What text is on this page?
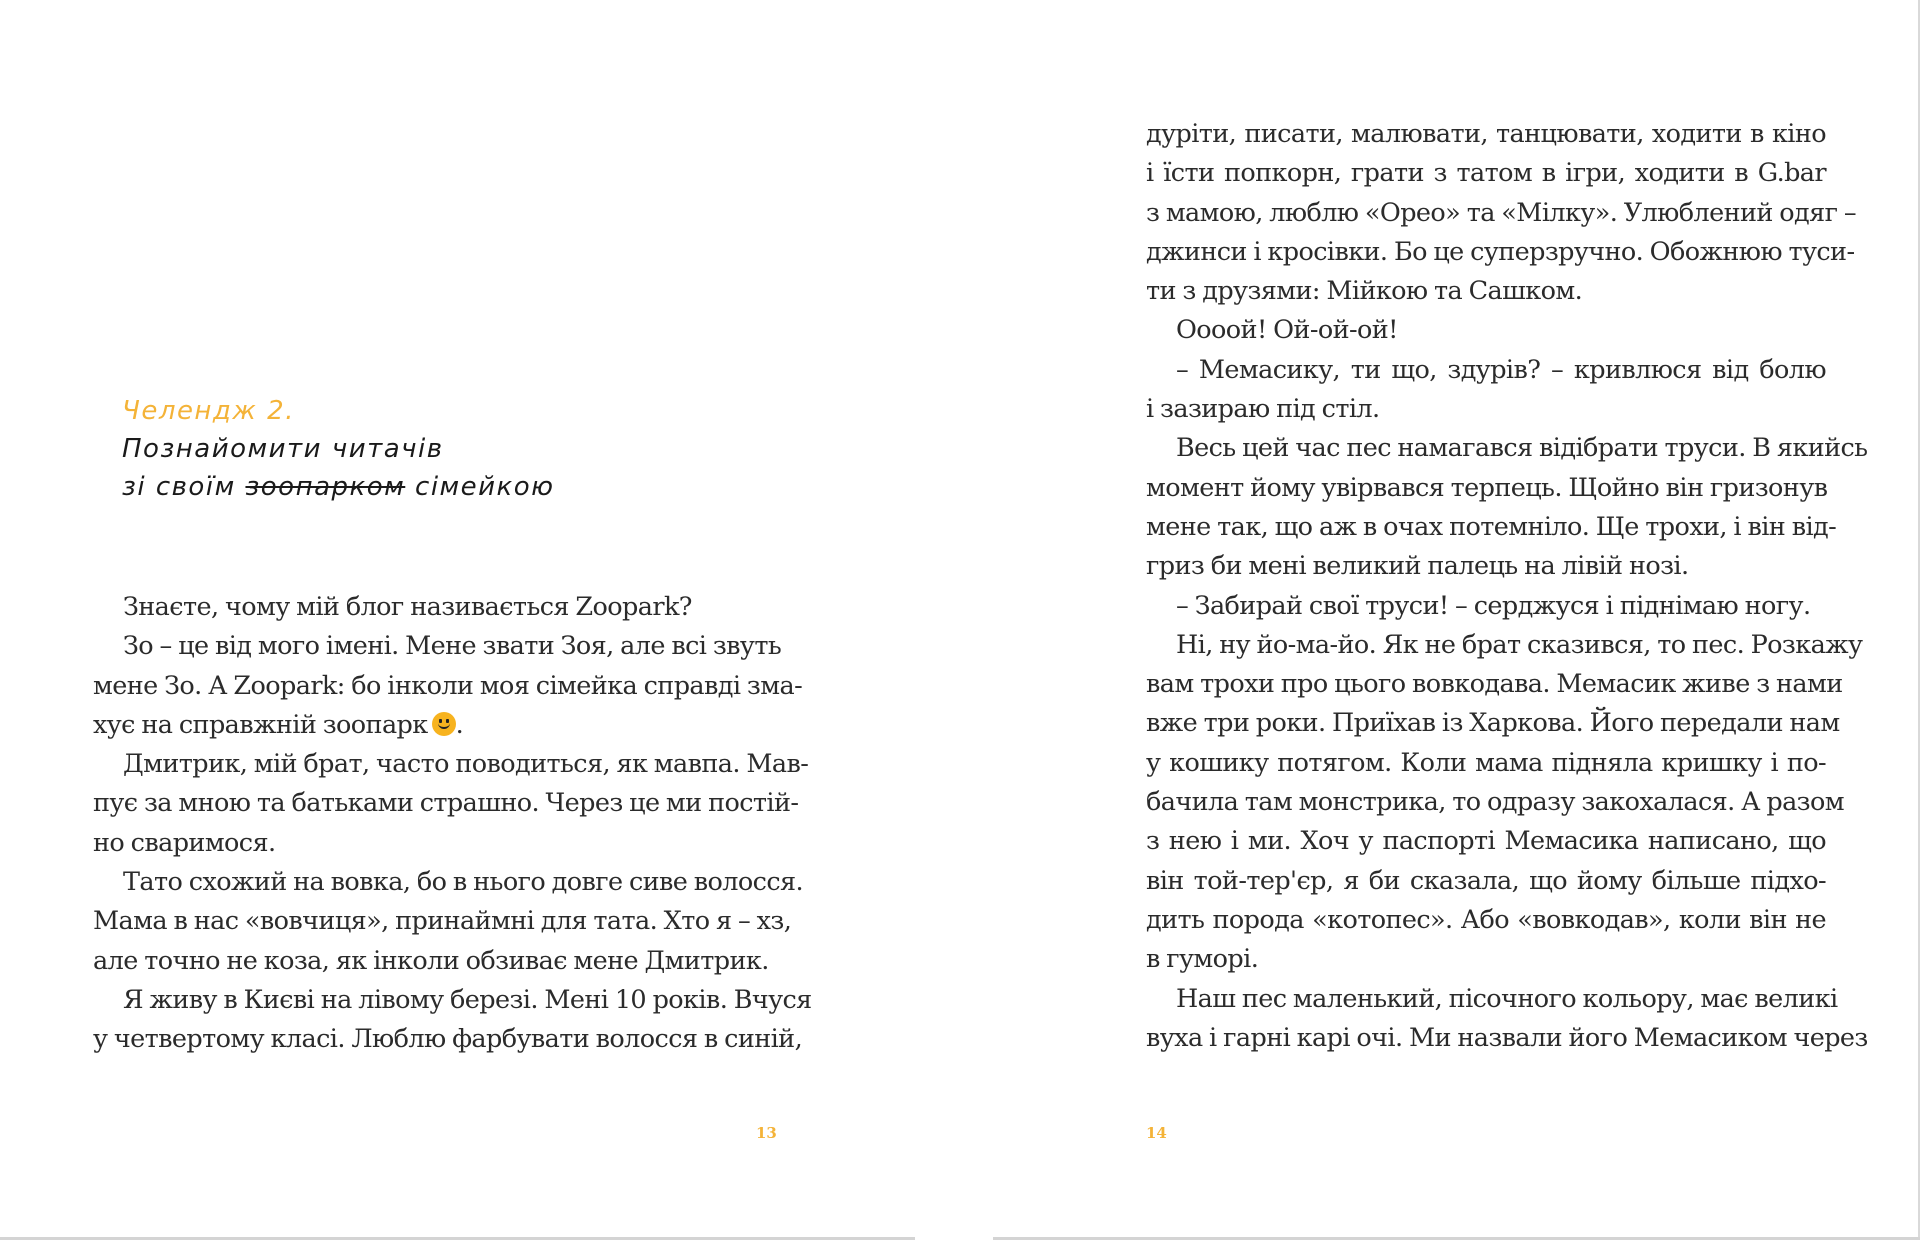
Челендж 2.
Познайомити читачів
зі своїм зоопарком сімейкою
Знаєте, чому мій блог називається Zoopark?
Зо – це від мого імені. Мене звати Зоя, але всі звуть
мене Зо. А Zoopark: бо інколи моя сімейка справді зма-
хує на справжній зоопарк .
Дмитрик, мій брат, часто поводиться, як мавпа. Мав-
пує за мною та батьками страшно. Через це ми постій-
но сваримося.
Тато схожий на вовка, бо в нього довге сиве волосся.
Мама в нас «вовчиця», принаймні для тата. Хто я – хз,
але точно не коза, як інколи обзиває мене Дмитрик.
Я живу в Києві на лівому березі. Мені 10 років. Вчуся
у четвертому класі. Люблю фарбувати волосся в синій,
13
дуріти, писати, малювати, танцювати, ходити в кіно
і їсти попкорн, грати з татом в ігри, ходити в G.bar
з мамою, люблю «Орео» та «Мілку». Улюблений одяг –
джинси і кросівки. Бо це суперзручно. Обожнюю туси-
ти з друзями: Мійкою та Сашком.
Оооой! Ой-ой-ой!
– Мемасику, ти що, здурів? – кривлюся від болю
і зазираю під стіл.
Весь цей час пес намагався відібрати труси. В якийсь
момент йому увірвався терпець. Щойно він гризонув
мене так, що аж в очах потемніло. Ще трохи, і він від-
гриз би мені великий палець на лівій нозі.
– Забирай свої труси! – серджуся і піднімаю ногу.
Ні, ну йо-ма-йо. Як не брат сказився, то пес. Розкажу
вам трохи про цього вовкодава. Мемасик живе з нами
вже три роки. Приїхав із Харкова. Його передали нам
у кошику потягом. Коли мама підняла кришку і по-
бачила там монстрика, то одразу закохалася. А разом
з нею і ми. Хоч у паспорті Мемасика написано, що
він той-тер'єр, я би сказала, що йому більше підхо-
дить порода «котопес». Або «вовкодав», коли він не
в гуморі.
Наш пес маленький, пісочного кольору, має великі
вуха і гарні карі очі. Ми назвали його Мемасиком через
14
